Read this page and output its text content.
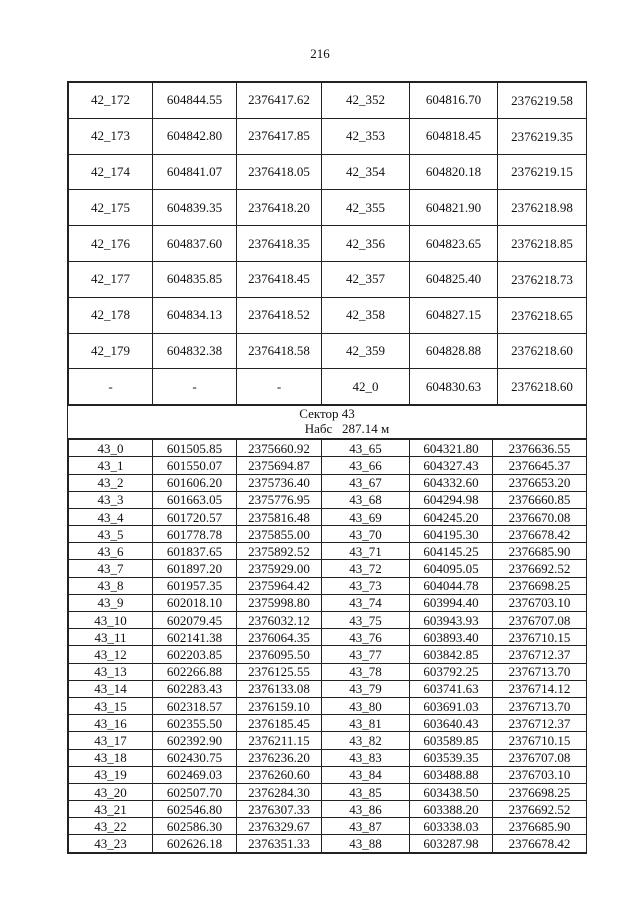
216
42_172	604844.55	2376417.62	42_352	604816.70	2376219.58
42_173	604842.80	2376417.85	42_353	604818.45	2376219.35
42_174	604841.07	2376418.05	42_354	604820.18	2376219.15
42_175	604839.35	2376418.20	42_355	604821.90	2376218.98
42_176	604837.60	2376418.35	42_356	604823.65	2376218.85
42_177	604835.85	2376418.45	42_357	604825.40	2376218.73
42_178	604834.13	2376418.52	42_358	604827.15	2376218.65
42_179	604832.38	2376418.58	42_359	604828.88	2376218.60
-	-	-	42_0	604830.63	2376218.60
Сектор 43
Набс 287.14 м
43_0	601505.85	2375660.92	43_65	604321.80	2376636.55
43_1	601550.07	2375694.87	43_66	604327.43	2376645.37
43_2	601606.20	2375736.40	43_67	604332.60	2376653.20
43_3	601663.05	2375776.95	43_68	604294.98	2376660.85
43_4	601720.57	2375816.48	43_69	604245.20	2376670.08
43_5	601778.78	2375855.00	43_70	604195.30	2376678.42
43_6	601837.65	2375892.52	43_71	604145.25	2376685.90
43_7	601897.20	2375929.00	43_72	604095.05	2376692.52
43_8	601957.35	2375964.42	43_73	604044.78	2376698.25
43_9	602018.10	2375998.80	43_74	603994.40	2376703.10
43_10	602079.45	2376032.12	43_75	603943.93	2376707.08
43_11	602141.38	2376064.35	43_76	603893.40	2376710.15
43_12	602203.85	2376095.50	43_77	603842.85	2376712.37
43_13	602266.88	2376125.55	43_78	603792.25	2376713.70
43_14	602283.43	2376133.08	43_79	603741.63	2376714.12
43_15	602318.57	2376159.10	43_80	603691.03	2376713.70
43_16	602355.50	2376185.45	43_81	603640.43	2376712.37
43_17	602392.90	2376211.15	43_82	603589.85	2376710.15
43_18	602430.75	2376236.20	43_83	603539.35	2376707.08
43_19	602469.03	2376260.60	43_84	603488.88	2376703.10
43_20	602507.70	2376284.30	43_85	603438.50	2376698.25
43_21	602546.80	2376307.33	43_86	603388.20	2376692.52
43_22	602586.30	2376329.67	43_87	603338.03	2376685.90
43_23	602626.18	2376351.33	43_88	603287.98	2376678.42
